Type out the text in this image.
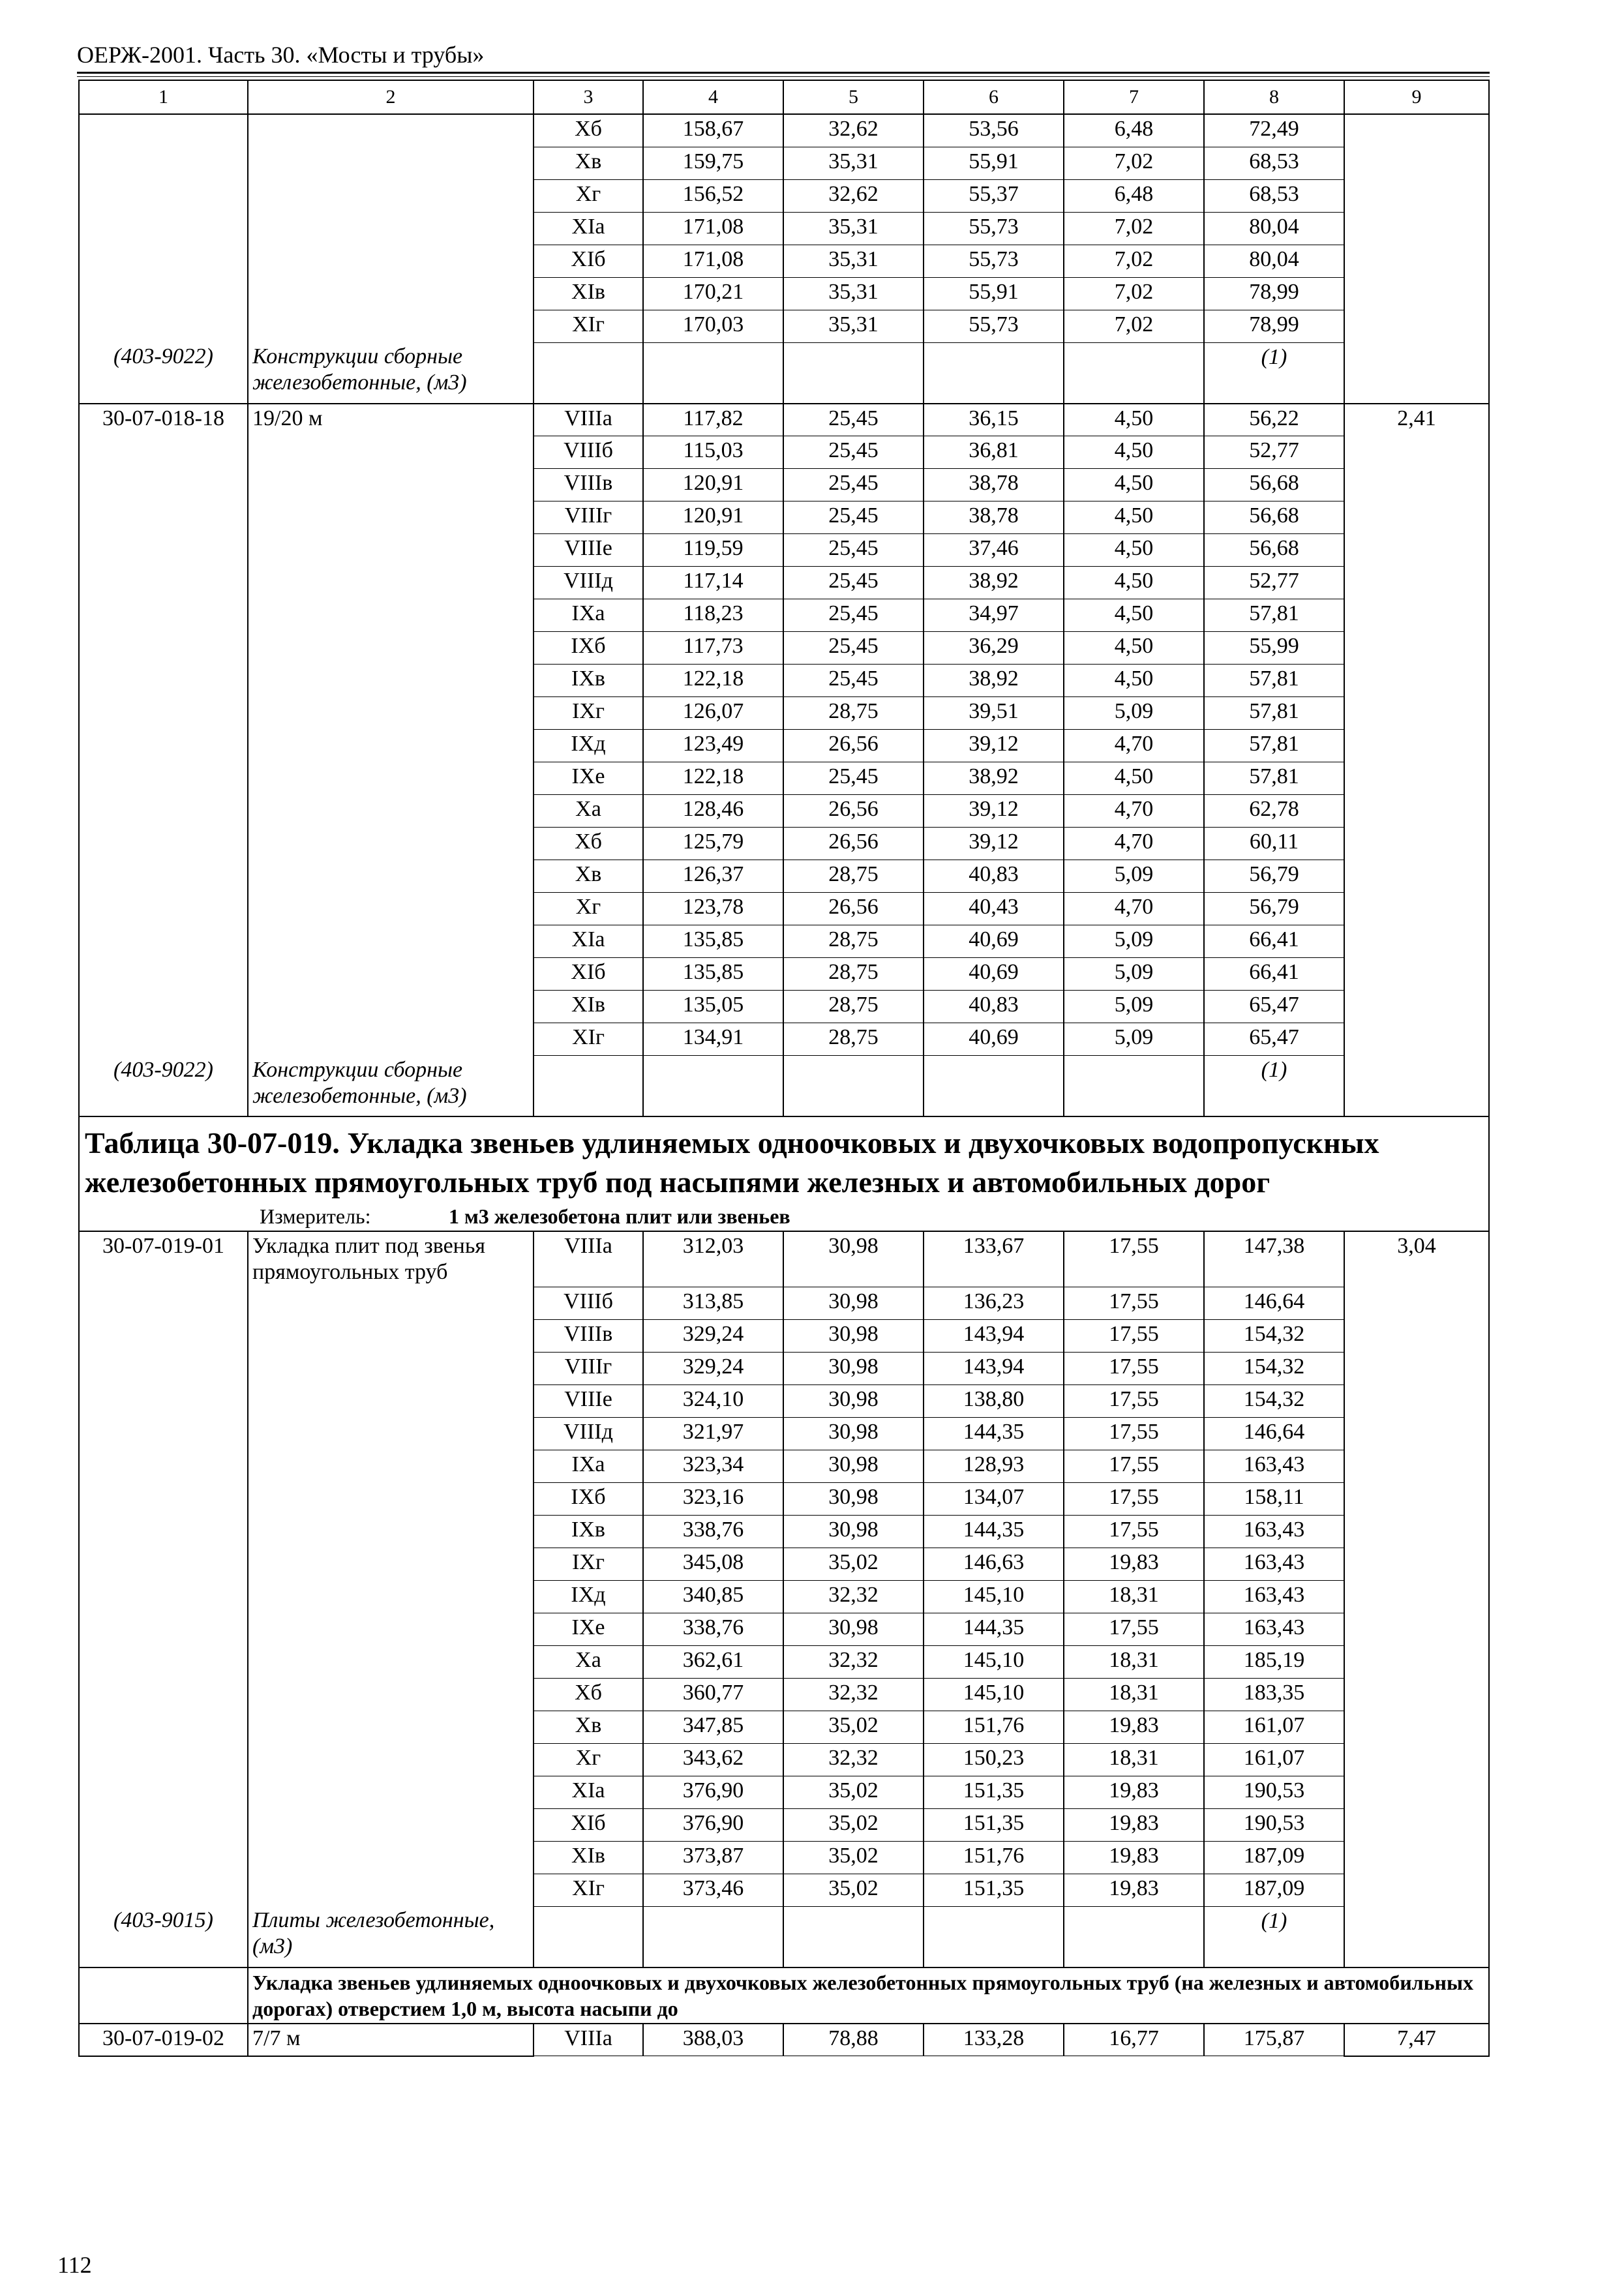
ОЕРЖ-2001. Часть 30. «Мосты и трубы»
1	2	3	4	5	6	7	8	9
		Xб	158,67	32,62	53,56	6,48	72,49	
		Xв	159,75	35,31	55,91	7,02	68,53	
		Xг	156,52	32,62	55,37	6,48	68,53	
		XIа	171,08	35,31	55,73	7,02	80,04	
		XIб	171,08	35,31	55,73	7,02	80,04	
		XIв	170,21	35,31	55,91	7,02	78,99	
		XIг	170,03	35,31	55,73	7,02	78,99	
(403-9022)	Конструкции сборные железобетонные, (м3)						(1)	
30-07-018-18	19/20 м	VIIIа	117,82	25,45	36,15	4,50	56,22	2,41
		VIIIб	115,03	25,45	36,81	4,50	52,77	
		VIIIв	120,91	25,45	38,78	4,50	56,68	
		VIIIг	120,91	25,45	38,78	4,50	56,68	
		VIIIе	119,59	25,45	37,46	4,50	56,68	
		VIIIд	117,14	25,45	38,92	4,50	52,77	
		IXа	118,23	25,45	34,97	4,50	57,81	
		IXб	117,73	25,45	36,29	4,50	55,99	
		IXв	122,18	25,45	38,92	4,50	57,81	
		IXг	126,07	28,75	39,51	5,09	57,81	
		IXд	123,49	26,56	39,12	4,70	57,81	
		IXе	122,18	25,45	38,92	4,50	57,81	
		Xа	128,46	26,56	39,12	4,70	62,78	
		Xб	125,79	26,56	39,12	4,70	60,11	
		Xв	126,37	28,75	40,83	5,09	56,79	
		Xг	123,78	26,56	40,43	4,70	56,79	
		XIа	135,85	28,75	40,69	5,09	66,41	
		XIб	135,85	28,75	40,69	5,09	66,41	
		XIв	135,05	28,75	40,83	5,09	65,47	
		XIг	134,91	28,75	40,69	5,09	65,47	
(403-9022)	Конструкции сборные железобетонные, (м3)						(1)	

Таблица 30-07-019. Укладка звеньев удлиняемых одноочковых и двухочковых водопропускных железобетонных прямоугольных труб под насыпями железных и автомобильных дорог
Измеритель: 1 м3 железобетона плит или звеньев								

30-07-019-01	Укладка плит под звенья прямоугольных труб	VIIIа	312,03	30,98	133,67	17,55	147,38	3,04
		VIIIб	313,85	30,98	136,23	17,55	146,64	
		VIIIв	329,24	30,98	143,94	17,55	154,32	
		VIIIг	329,24	30,98	143,94	17,55	154,32	
		VIIIе	324,10	30,98	138,80	17,55	154,32	
		VIIIд	321,97	30,98	144,35	17,55	146,64	
		IXа	323,34	30,98	128,93	17,55	163,43	
		IXб	323,16	30,98	134,07	17,55	158,11	
		IXв	338,76	30,98	144,35	17,55	163,43	
		IXг	345,08	35,02	146,63	19,83	163,43	
		IXд	340,85	32,32	145,10	18,31	163,43	
		IXе	338,76	30,98	144,35	17,55	163,43	
		Xа	362,61	32,32	145,10	18,31	185,19	
		Xб	360,77	32,32	145,10	18,31	183,35	
		Xв	347,85	35,02	151,76	19,83	161,07	
		Xг	343,62	32,32	150,23	18,31	161,07	
		XIа	376,90	35,02	151,35	19,83	190,53	
		XIб	376,90	35,02	151,35	19,83	190,53	
		XIв	373,87	35,02	151,76	19,83	187,09	
		XIг	373,46	35,02	151,35	19,83	187,09	
(403-9015)	Плиты железобетонные, (м3)						(1)	
	Укладка звеньев удлиняемых одноочковых и двухочковых железобетонных прямоугольных труб (на железных и автомобильных дорогах) отверстием 1,0 м, высота насыпи до							
30-07-019-02	7/7 м	VIIIа	388,03	78,88	133,28	16,77	175,87	7,47
112
